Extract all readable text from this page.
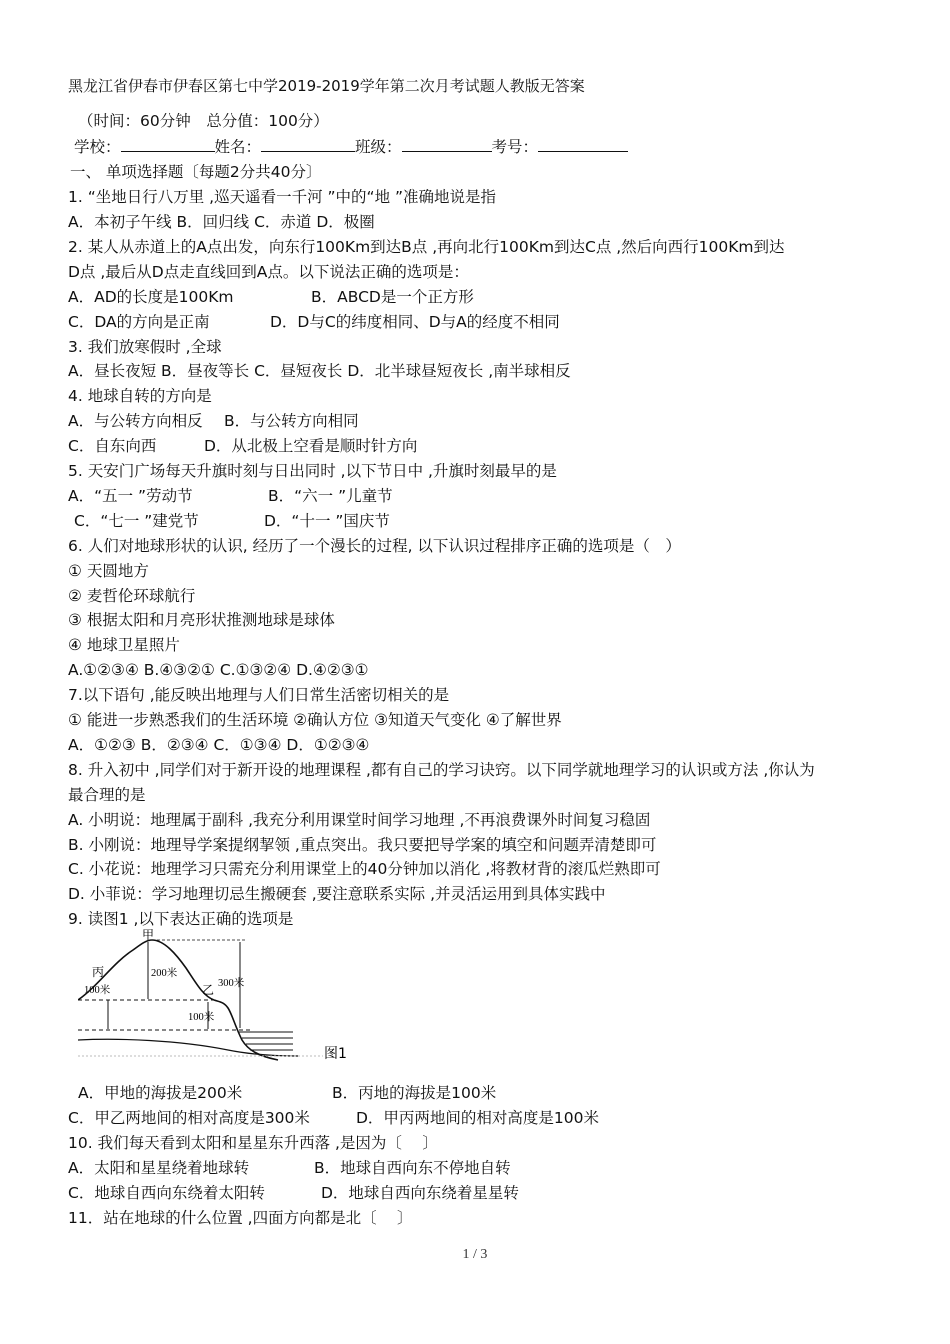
黑龙江省伊春市伊春区第七中学2019-2019学年第二次月考试题人教版无答案
（时间：60分钟　总分值：100分）
学校：	姓名：	班级：	考号：
一、 单项选择题〔每题2分共40分〕
1. “坐地日行八万里 ,巡天遥看一千河 ”中的“地 ”准确地说是指
A．本初子午线 B．回归线 C．赤道 D．极圈
2. 某人从赤道上的A点出发，向东行100Km到达B点 ,再向北行100Km到达C点 ,然后向西行100Km到达
D点 ,最后从D点走直线回到A点。以下说法正确的选项是：
A．AD的长度是100Km	B．ABCD是一个正方形
C．DA的方向是正南	D．D与C的纬度相同、D与A的经度不相同
3. 我们放寒假时 ,全球
A．昼长夜短 B．昼夜等长 C．昼短夜长 D．北半球昼短夜长 ,南半球相反
4. 地球自转的方向是
A．与公转方向相反 B．与公转方向相同
C．自东向西	D．从北极上空看是顺时针方向
5. 天安门广场每天升旗时刻与日出同时 ,以下节日中 ,升旗时刻最早的是
A．“五一 ”劳动节	B．“六一 ”儿童节
C．“七一 ”建党节	D．“十一 ”国庆节
6. 人们对地球形状的认识, 经历了一个漫长的过程, 以下认识过程排序正确的选项是（　）
① 天圆地方
② 麦哲伦环球航行
③ 根据太阳和月亮形状推测地球是球体
④ 地球卫星照片
A.①②③④ B.④③②① C.①③②④ D.④②③①
7.以下语句 ,能反映出地理与人们日常生活密切相关的是
① 能进一步熟悉我们的生活环境 ②确认方位 ③知道天气变化 ④了解世界
A．①②③ B．②③④ C．①③④ D．①②③④
8. 升入初中 ,同学们对于新开设的地理课程 ,都有自己的学习诀窍。以下同学就地理学习的认识或方法 ,你认为
最合理的是
A. 小明说：地理属于副科 ,我充分利用课堂时间学习地理 ,不再浪费课外时间复习稳固
B. 小刚说：地理导学案提纲挈领 ,重点突出。我只要把导学案的填空和问题弄清楚即可
C. 小花说：地理学习只需充分利用课堂上的40分钟加以消化 ,将教材背的滚瓜烂熟即可
D. 小菲说：学习地理切忌生搬硬套 ,要注意联系实际 ,并灵活运用到具体实践中
9. 读图1 ,以下表达正确的选项是
甲
丙
乙
200米
100米
300米
100米
图1
A．甲地的海拔是200米	B．丙地的海拔是100米
C．甲乙两地间的相对高度是300米	D．甲丙两地间的相对高度是100米
10. 我们每天看到太阳和星星东升西落 ,是因为〔　 〕
A．太阳和星星绕着地球转	B．地球自西向东不停地自转
C．地球自西向东绕着太阳转	D．地球自西向东绕着星星转
11．站在地球的什么位置 ,四面方向都是北〔　 〕
1 / 3
